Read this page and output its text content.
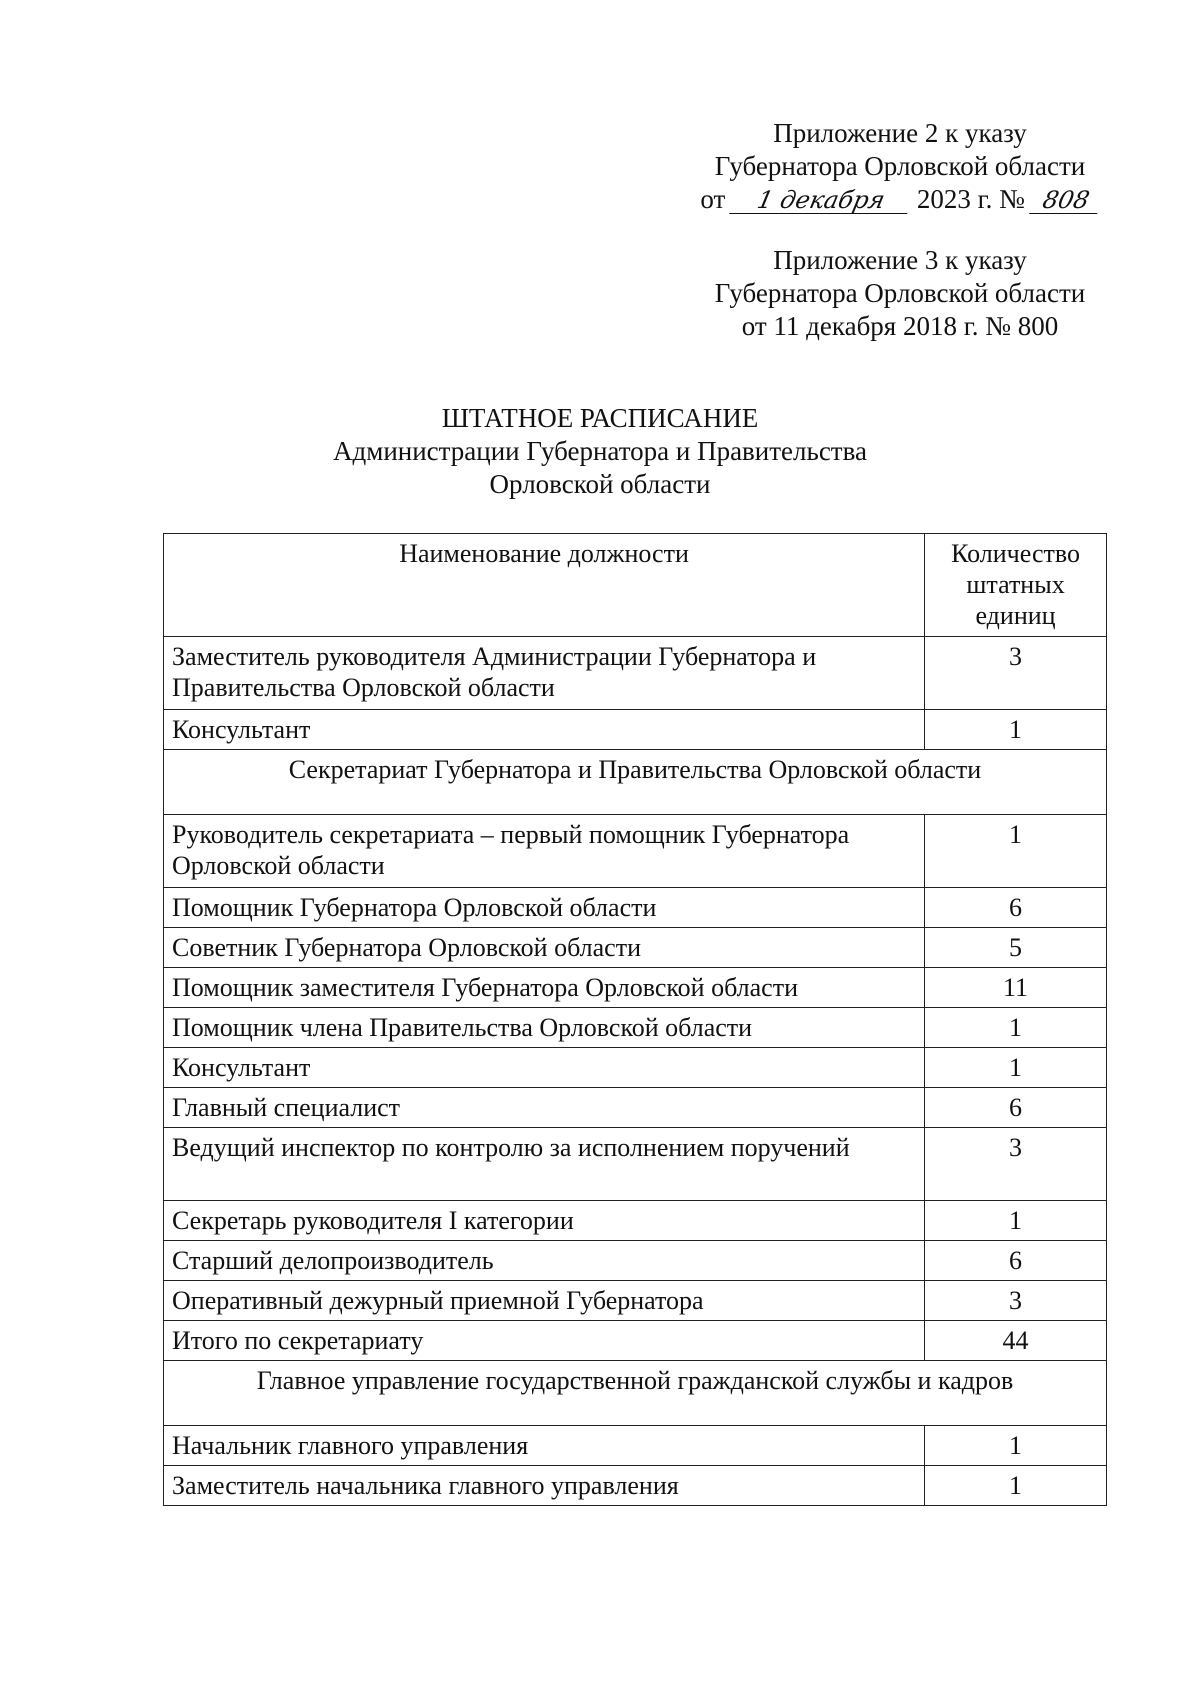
Приложение 2 к указу
Губернатора Орловской области
от 1 декабря 2023 г. № 808
Приложение 3 к указу
Губернатора Орловской области
от 11 декабря 2018 г. № 800
ШТАТНОЕ РАСПИСАНИЕ
Администрации Губернатора и Правительства
Орловской области
Наименование должности	Количество штатных единиц
Заместитель руководителя Администрации Губернатора и Правительства Орловской области	3
Консультант	1
Секретариат Губернатора и Правительства Орловской области	
Руководитель секретариата – первый помощник Губернатора Орловской области	1
Помощник Губернатора Орловской области	6
Советник Губернатора Орловской области	5
Помощник заместителя Губернатора Орловской области	11
Помощник члена Правительства Орловской области	1
Консультант	1
Главный специалист	6
Ведущий инспектор по контролю за исполнением поручений	3
Секретарь руководителя I категории	1
Старший делопроизводитель	6
Оперативный дежурный приемной Губернатора	3
Итого по секретариату	44
Главное управление государственной гражданской службы и кадров	
Начальник главного управления	1
Заместитель начальника главного управления	1
